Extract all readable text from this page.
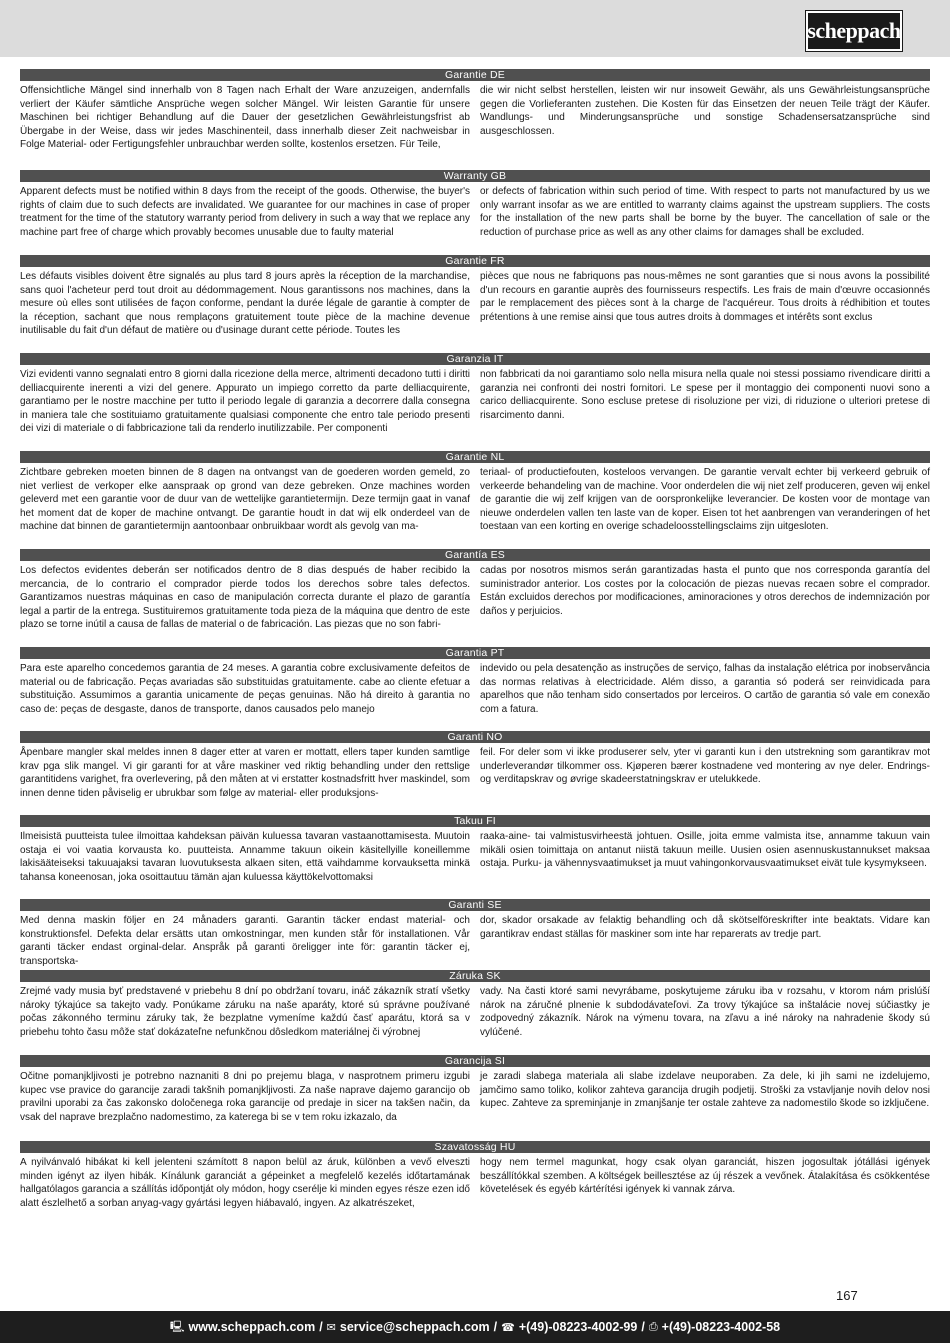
scheppach
Garantie DE
Offensichtliche Mängel sind innerhalb von 8 Tagen nach Erhalt der Ware anzuzeigen, andernfalls verliert der Käufer sämtliche Ansprüche wegen solcher Mängel. Wir leisten Garantie für unsere Maschinen bei richtiger Behandlung auf die Dauer der gesetzlichen Gewährleistungsfrist ab Übergabe in der Weise, dass wir jedes Maschinenteil, dass innerhalb dieser Zeit nachweisbar in Folge Material- oder Fertigungsfehler unbrauchbar werden sollte, kostenlos ersetzen. Für Teile,
die wir nicht selbst herstellen, leisten wir nur insoweit Gewähr, als uns Gewährleistungsansprüche gegen die Vorlieferanten zustehen. Die Kosten für das Einsetzen der neuen Teile trägt der Käufer. Wandlungs- und Minderungsansprüche und sonstige Schadensersatzansprüche sind ausgeschlossen.
Warranty GB
Apparent defects must be notified within 8 days from the receipt of the goods. Otherwise, the buyer's rights of claim due to such defects are invalidated. We guarantee for our machines in case of proper treatment for the time of the statutory warranty period from delivery in such a way that we replace any machine part free of charge which provably becomes unusable due to faulty material
or defects of fabrication within such period of time. With respect to parts not manufactured by us we only warrant insofar as we are entitled to warranty claims against the upstream suppliers. The costs for the installation of the new parts shall be borne by the buyer. The cancellation of sale or the reduction of purchase price as well as any other claims for damages shall be excluded.
Garantie FR
Les défauts visibles doivent être signalés au plus tard 8 jours après la réception de la marchandise, sans quoi l'acheteur perd tout droit au dédommagement. Nous garantissons nos machines, dans la mesure où elles sont utilisées de façon conforme, pendant la durée légale de garantie à compter de la réception, sachant que nous remplaçons gratuitement toute pièce de la machine devenue inutilisable du fait d'un défaut de matière ou d'usinage durant cette période. Toutes les
pièces que nous ne fabriquons pas nous-mêmes ne sont garanties que si nous avons la possibilité d'un recours en garantie auprès des fournisseurs respectifs. Les frais de main d'œuvre occasionnés par le remplacement des pièces sont à la charge de l'acquéreur. Tous droits à rédhibition et toutes prétentions à une remise ainsi que tous autres droits à dommages et intérêts sont exclus
Garanzia IT
Vizi evidenti vanno segnalati entro 8 giorni dalla ricezione della merce, altrimenti decadono tutti i diritti delliacquirente inerenti a vizi del genere. Appurato un impiego corretto da parte delliacquirente, garantiamo per le nostre macchine per tutto il periodo legale di garanzia a decorrere dalla consegna in maniera tale che sostituiamo gratuitamente qualsiasi componente che entro tale periodo presenti dei vizi di materiale o di fabbricazione tali da renderlo inutilizzabile. Per componenti
non fabbricati da noi garantiamo solo nella misura nella quale noi stessi possiamo rivendicare diritti a garanzia nei confronti dei nostri fornitori. Le spese per il montaggio dei componenti nuovi sono a carico delliacquirente. Sono escluse pretese di risoluzione per vizi, di riduzione o ulteriori pretese di risarcimento danni.
Garantie NL
Zichtbare gebreken moeten binnen de 8 dagen na ontvangst van de goederen worden gemeld, zo niet verliest de verkoper elke aanspraak op grond van deze gebreken. Onze machines worden geleverd met een garantie voor de duur van de wettelijke garantietermijn. Deze termijn gaat in vanaf het moment dat de koper de machine ontvangt. De garantie houdt in dat wij elk onderdeel van de machine dat binnen de garantietermijn aantoonbaar onbruikbaar wordt als gevolg van ma-
teriaal- of productiefouten, kosteloos vervangen. De garantie vervalt echter bij verkeerd gebruik of verkeerde behandeling van de machine. Voor onderdelen die wij niet zelf produceren, geven wij enkel de garantie die wij zelf krijgen van de oorspronkelijke leverancier. De kosten voor de montage van nieuwe onderdelen vallen ten laste van de koper. Eisen tot het aanbrengen van veranderingen of het toestaan van een korting en overige schadeloosstellingsclaims zijn uitgesloten.
Garantía ES
Los defectos evidentes deberán ser notificados dentro de 8 dias después de haber recibido la mercancia, de lo contrario el comprador pierde todos los derechos sobre tales defectos. Garantizamos nuestras máquinas en caso de manipulación correcta durante el plazo de garantía legal a partir de la entrega. Sustituiremos gratuitamente toda pieza de la máquina que dentro de este plazo se torne inútil a causa de fallas de material o de fabricación. Las piezas que no son fabri-
cadas por nosotros mismos serán garantizadas hasta el punto que nos corresponda garantía del suministrador anterior. Los costes por la colocación de piezas nuevas recaen sobre el comprador. Están excluidos derechos por modificaciones, aminoraciones y otros derechos de indemnización por daños y perjuicios.
Garantia PT
Para este aparelho concedemos garantia de 24 meses. A garantia cobre exclusivamente defeitos de material ou de fabricação. Peças avariadas são substituidas gratuitamente. cabe ao cliente efetuar a substituição. Assumimos a garantia unicamente de peças genuinas. Não há direito à garantia no caso de: peças de desgaste, danos de transporte, danos causados pelo manejo
indevido ou pela desatenção as instruções de serviço, falhas da instalação elétrica por inobservância das normas relativas à electricidade. Além disso, a garantia só poderá ser reinvidicada para aparelhos que não tenham sido consertados por lerceiros. O cartão de garantia só vale em conexão com a fatura.
Garanti NO
Åpenbare mangler skal meldes innen 8 dager etter at varen er mottatt, ellers taper kunden samtlige krav pga slik mangel. Vi gir garanti for at våre maskiner ved riktig behandling under den rettslige garantitidens varighet, fra overlevering, på den måten at vi erstatter kostnadsfritt hver maskindel, som innen denne tiden påviselig er ubrukbar som følge av material- eller produksjons-
feil. For deler som vi ikke produserer selv, yter vi garanti kun i den utstrekning som garantikrav mot underleverandør tilkommer oss. Kjøperen bærer kostnadene ved montering av nye deler. Endrings- og verditapskrav og øvrige skadeerstatningskrav er utelukkede.
Takuu FI
Ilmeisistä puutteista tulee ilmoittaa kahdeksan päivän kuluessa tavaran vastaanottamisesta. Muutoin ostaja ei voi vaatia korvausta ko. puutteista. Annamme takuun oikein käsitellyille koneillemme lakisääteiseksi takuuajaksi tavaran luovutuksesta alkaen siten, että vaihdamme korvauksetta minkä tahansa koneenosan, joka osoittautuu tämän ajan kuluessa käyttökelvottomaksi
raaka-aine- tai valmistusvirheestä johtuen. Osille, joita emme valmista itse, annamme takuun vain mikäli osien toimittaja on antanut niistä takuun meille. Uusien osien asennuskustannukset maksaa ostaja. Purku- ja vähennysvaatimukset ja muut vahingonkorvausvaatimukset eivät tule kysymykseen.
Garanti SE
Med denna maskin följer en 24 månaders garanti. Garantin täcker endast material- och konstruktionsfel. Defekta delar ersätts utan omkostningar, men kunden står för installationen. Vår garanti täcker endast orginal-delar. Anspråk på garanti öreligger inte för: garantin täcker ej, transportska-
dor, skador orsakade av felaktig behandling och då skötselföreskrifter inte beaktats. Vidare kan garantikrav endast ställas för maskiner som inte har reparerats av tredje part.
Záruka SK
Zrejmé vady musia byť predstavené v priebehu 8 dní po obdržaní tovaru, ináč zákazník stratí všetky nároky týkajúce sa takejto vady. Ponúkame záruku na naše aparáty, ktoré sú správne používané počas zákonného terminu záruky tak, že bezplatne vymeníme každú časť aparátu, ktorá sa v priebehu tohto času môže stať dokázateľne nefunkčnou dôsledkom materiálnej či výrobnej
vady. Na časti ktoré sami nevyrábame, poskytujeme záruku iba v rozsahu, v ktorom nám prislúší nárok na záručné plnenie k subdodávateľovi. Za trovy týkajúce sa inštalácie novej súčiastky je zodpovedný zákazník. Nárok na výmenu tovara, na zľavu a iné nároky na nahradenie škody sú vylúčené.
Garancija SI
Očitne pomanjkljivosti je potrebno naznaniti 8 dni po prejemu blaga, v nasprotnem primeru izgubi kupec vse pravice do garancije zaradi takšnih pomanjkljivosti. Za naše naprave dajemo garancijo ob pravilni uporabi za čas zakonsko določenega roka garancije od predaje in sicer na takšen način, da vsak del naprave brezplačno nadomestimo, za katerega bi se v tem roku izkazalo, da
je zaradi slabega materiala ali slabe izdelave neuporaben. Za dele, ki jih sami ne izdelujemo, jamčimo samo toliko, kolikor zahteva garancija drugih podjetij. Stroški za vstavljanje novih delov nosi kupec. Zahteve za spreminjanje in zmanjšanje ter ostale zahteve za nadomestilo škode so izključene.
Szavatosság HU
A nyilvánvaló hibákat ki kell jelenteni számított 8 napon belül az áruk, különben a vevő elveszti minden igényt az ilyen hibák. Kínálunk garanciát a gépeinket a megfelelő kezelés időtartamának hallgatólagos garancia a szállítás időpontját oly módon, hogy cserélje ki minden egyes része ezen idő alatt észlelhető a sorban anyag-vagy gyártási legyen hiábavaló, ingyen. Az alkatrészeket,
hogy nem termel magunkat, hogy csak olyan garanciát, hiszen jogosultak jótállási igények beszállítókkal szemben. A költségek beillesztése az új részek a vevőnek. Átalakítása és csökkentése követelések és egyéb kártérítési igények ki vannak zárva.
167
🖳 www.scheppach.com / ✉ service@scheppach.com / ☎ +(49)-08223-4002-99 / ⎙ +(49)-08223-4002-58
